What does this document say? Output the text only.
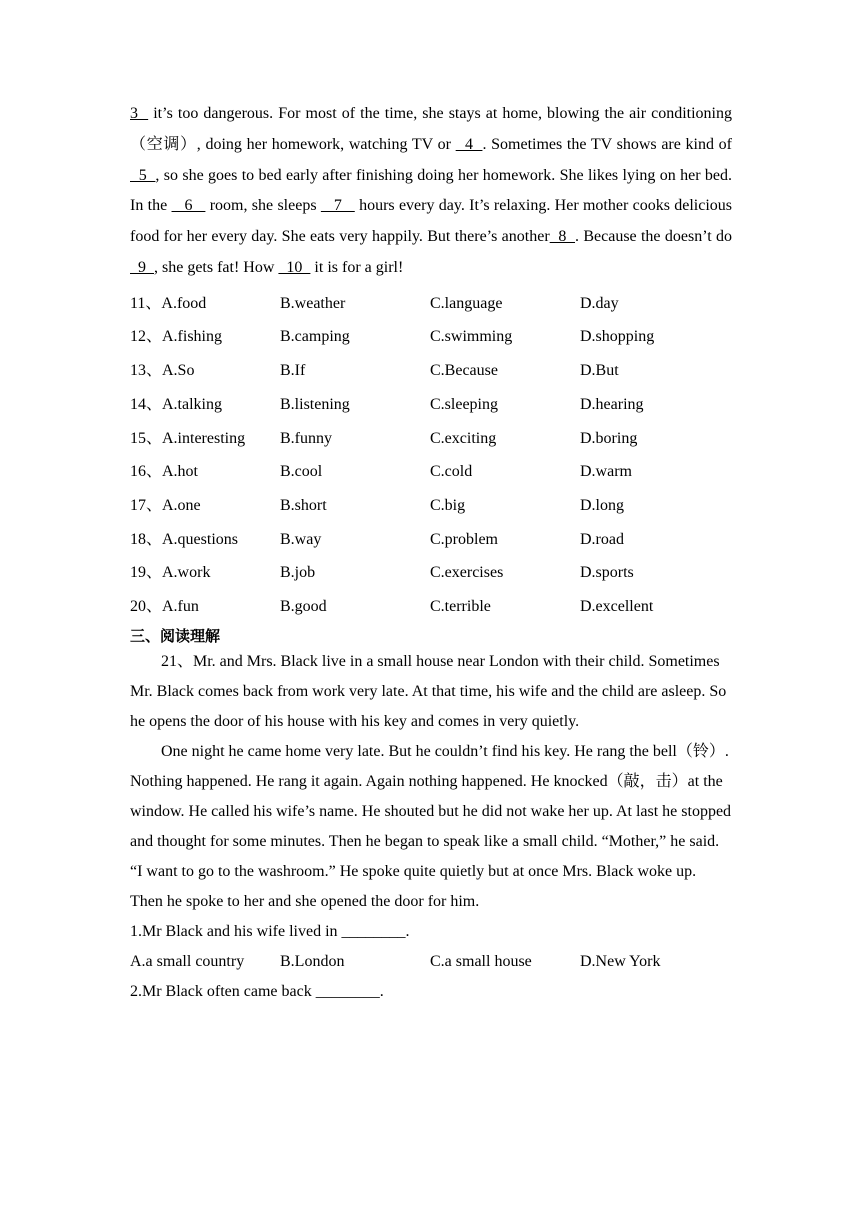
3   it’s too dangerous. For most of the time, she stays at home, blowing the air conditioning（空调）, doing her homework, watching TV or   4  . Sometimes the TV shows are kind of   5  , so she goes to bed early after finishing doing her homework. She likes lying on her bed. In the    6    room, she sleeps    7    hours every day. It’s relaxing. Her mother cooks delicious food for her every day. She eats very happily. But there’s another  8  . Because the doesn’t do   9  , she gets fat! How   10   it is for a girl!

11、A.food	B.weather	C.language	D.day
12、A.fishing	B.camping	C.swimming	D.shopping
13、A.So	B.If	C.Because	D.But
14、A.talking	B.listening	C.sleeping	D.hearing
15、A.interesting B.funny	C.exciting	D.boring
16、A.hot	B.cool	C.cold	D.warm
17、A.one	B.short	C.big	D.long
18、A.questions	B.way	C.problem	D.road
19、A.work	B.job	C.exercises	D.sports
20、A.fun	B.good	C.terrible	D.excellent
三、阅读理解

21、Mr. and Mrs. Black live in a small house near London with their child. Sometimes Mr. Black comes back from work very late. At that time, his wife and the child are asleep. So he opens the door of his house with his key and comes in very quietly.

One night he came home very late. But he couldn’t find his key. He rang the bell（铃）. Nothing happened. He rang it again. Again nothing happened. He knocked（敲，击）at the window. He called his wife’s name. He shouted but he did not wake her up. At last he stopped and thought for some minutes. Then he began to speak like a small child. “Mother,” he said. “I want to go to the washroom.” He spoke quite quietly but at once Mrs. Black woke up. Then he spoke to her and she opened the door for him.

1.Mr Black and his wife lived in ________.

A.a small country B.London	C.a small house	D.New York

2.Mr Black often came back ________.
